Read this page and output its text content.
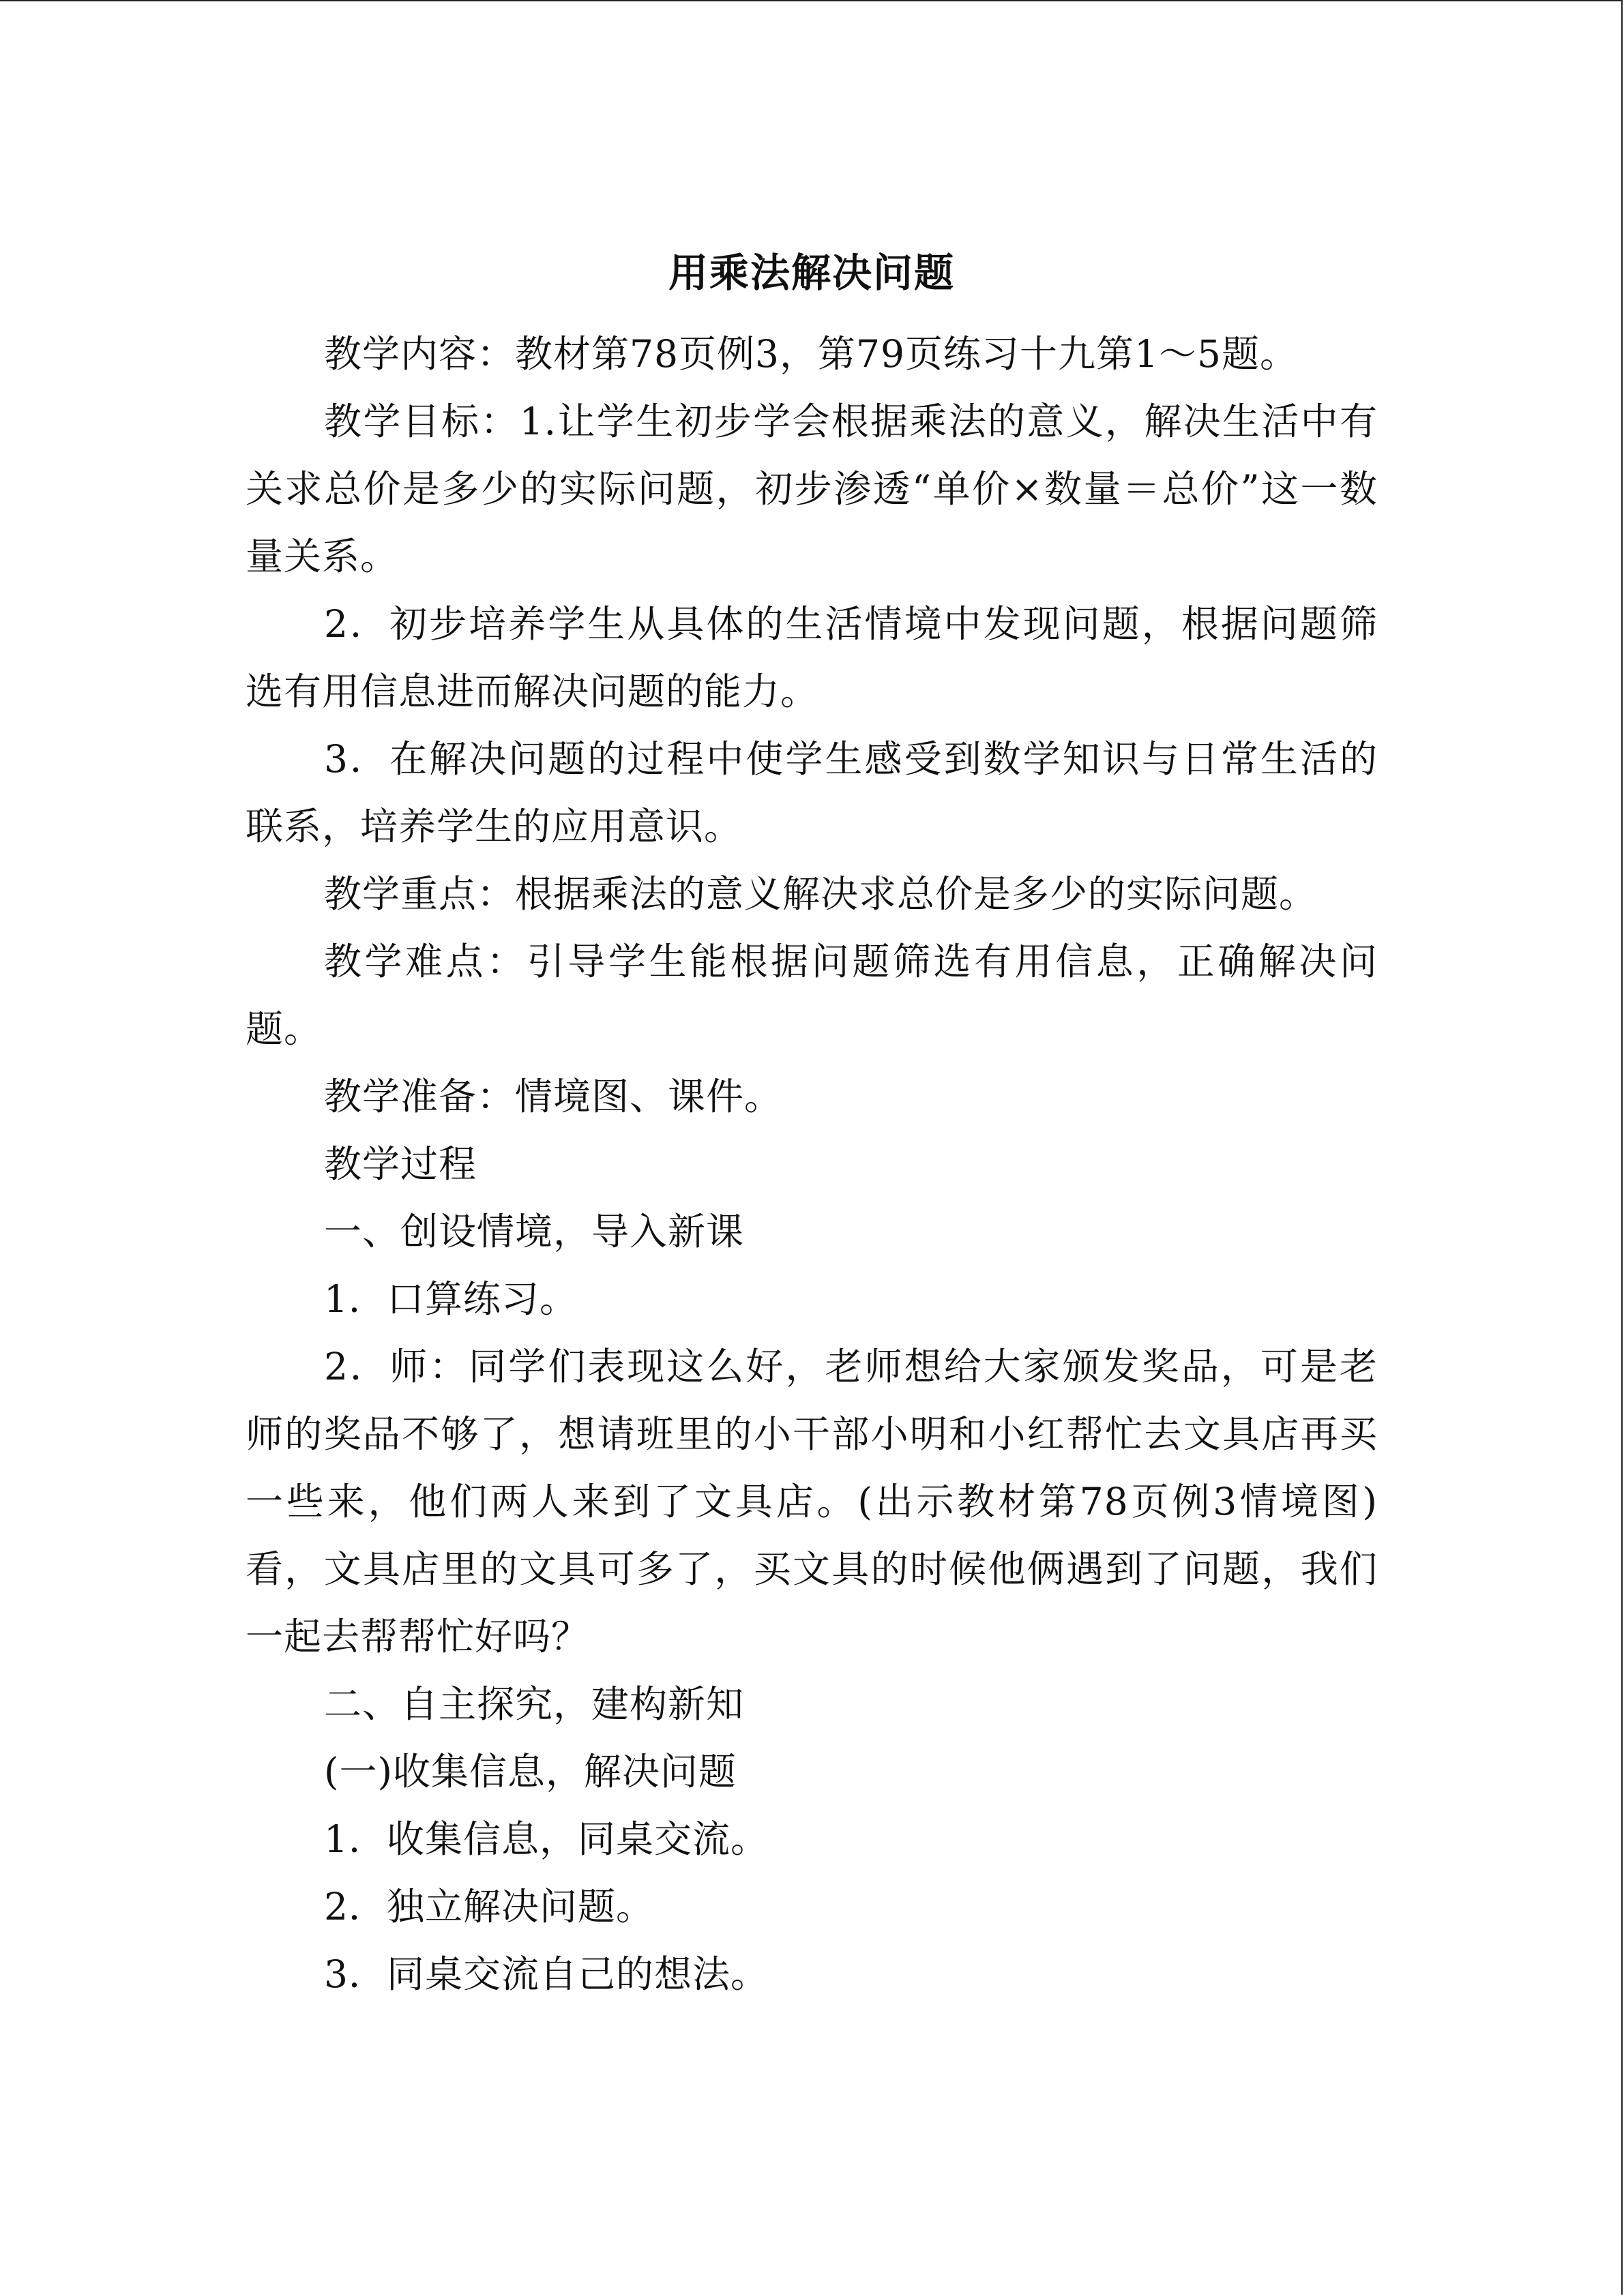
用乘法解决问题

教学内容：教材第78页例3，第79页练习十九第1～5题。

教学目标：1.让学生初步学会根据乘法的意义，解决生活中有关求总价是多少的实际问题，初步渗透“单价×数量＝总价”这一数量关系。

2．初步培养学生从具体的生活情境中发现问题，根据问题筛选有用信息进而解决问题的能力。

3．在解决问题的过程中使学生感受到数学知识与日常生活的联系，培养学生的应用意识。

教学重点：根据乘法的意义解决求总价是多少的实际问题。

教学难点：引导学生能根据问题筛选有用信息，正确解决问题。

教学准备：情境图、课件。

教学过程

一、创设情境，导入新课

1．口算练习。

2．师：同学们表现这么好，老师想给大家颁发奖品，可是老师的奖品不够了，想请班里的小干部小明和小红帮忙去文具店再买一些来，他们两人来到了文具店。(出示教材第78页例3情境图)看，文具店里的文具可多了，买文具的时候他俩遇到了问题，我们一起去帮帮忙好吗？

二、自主探究，建构新知

(一)收集信息，解决问题

1．收集信息，同桌交流。

2．独立解决问题。

3．同桌交流自己的想法。
